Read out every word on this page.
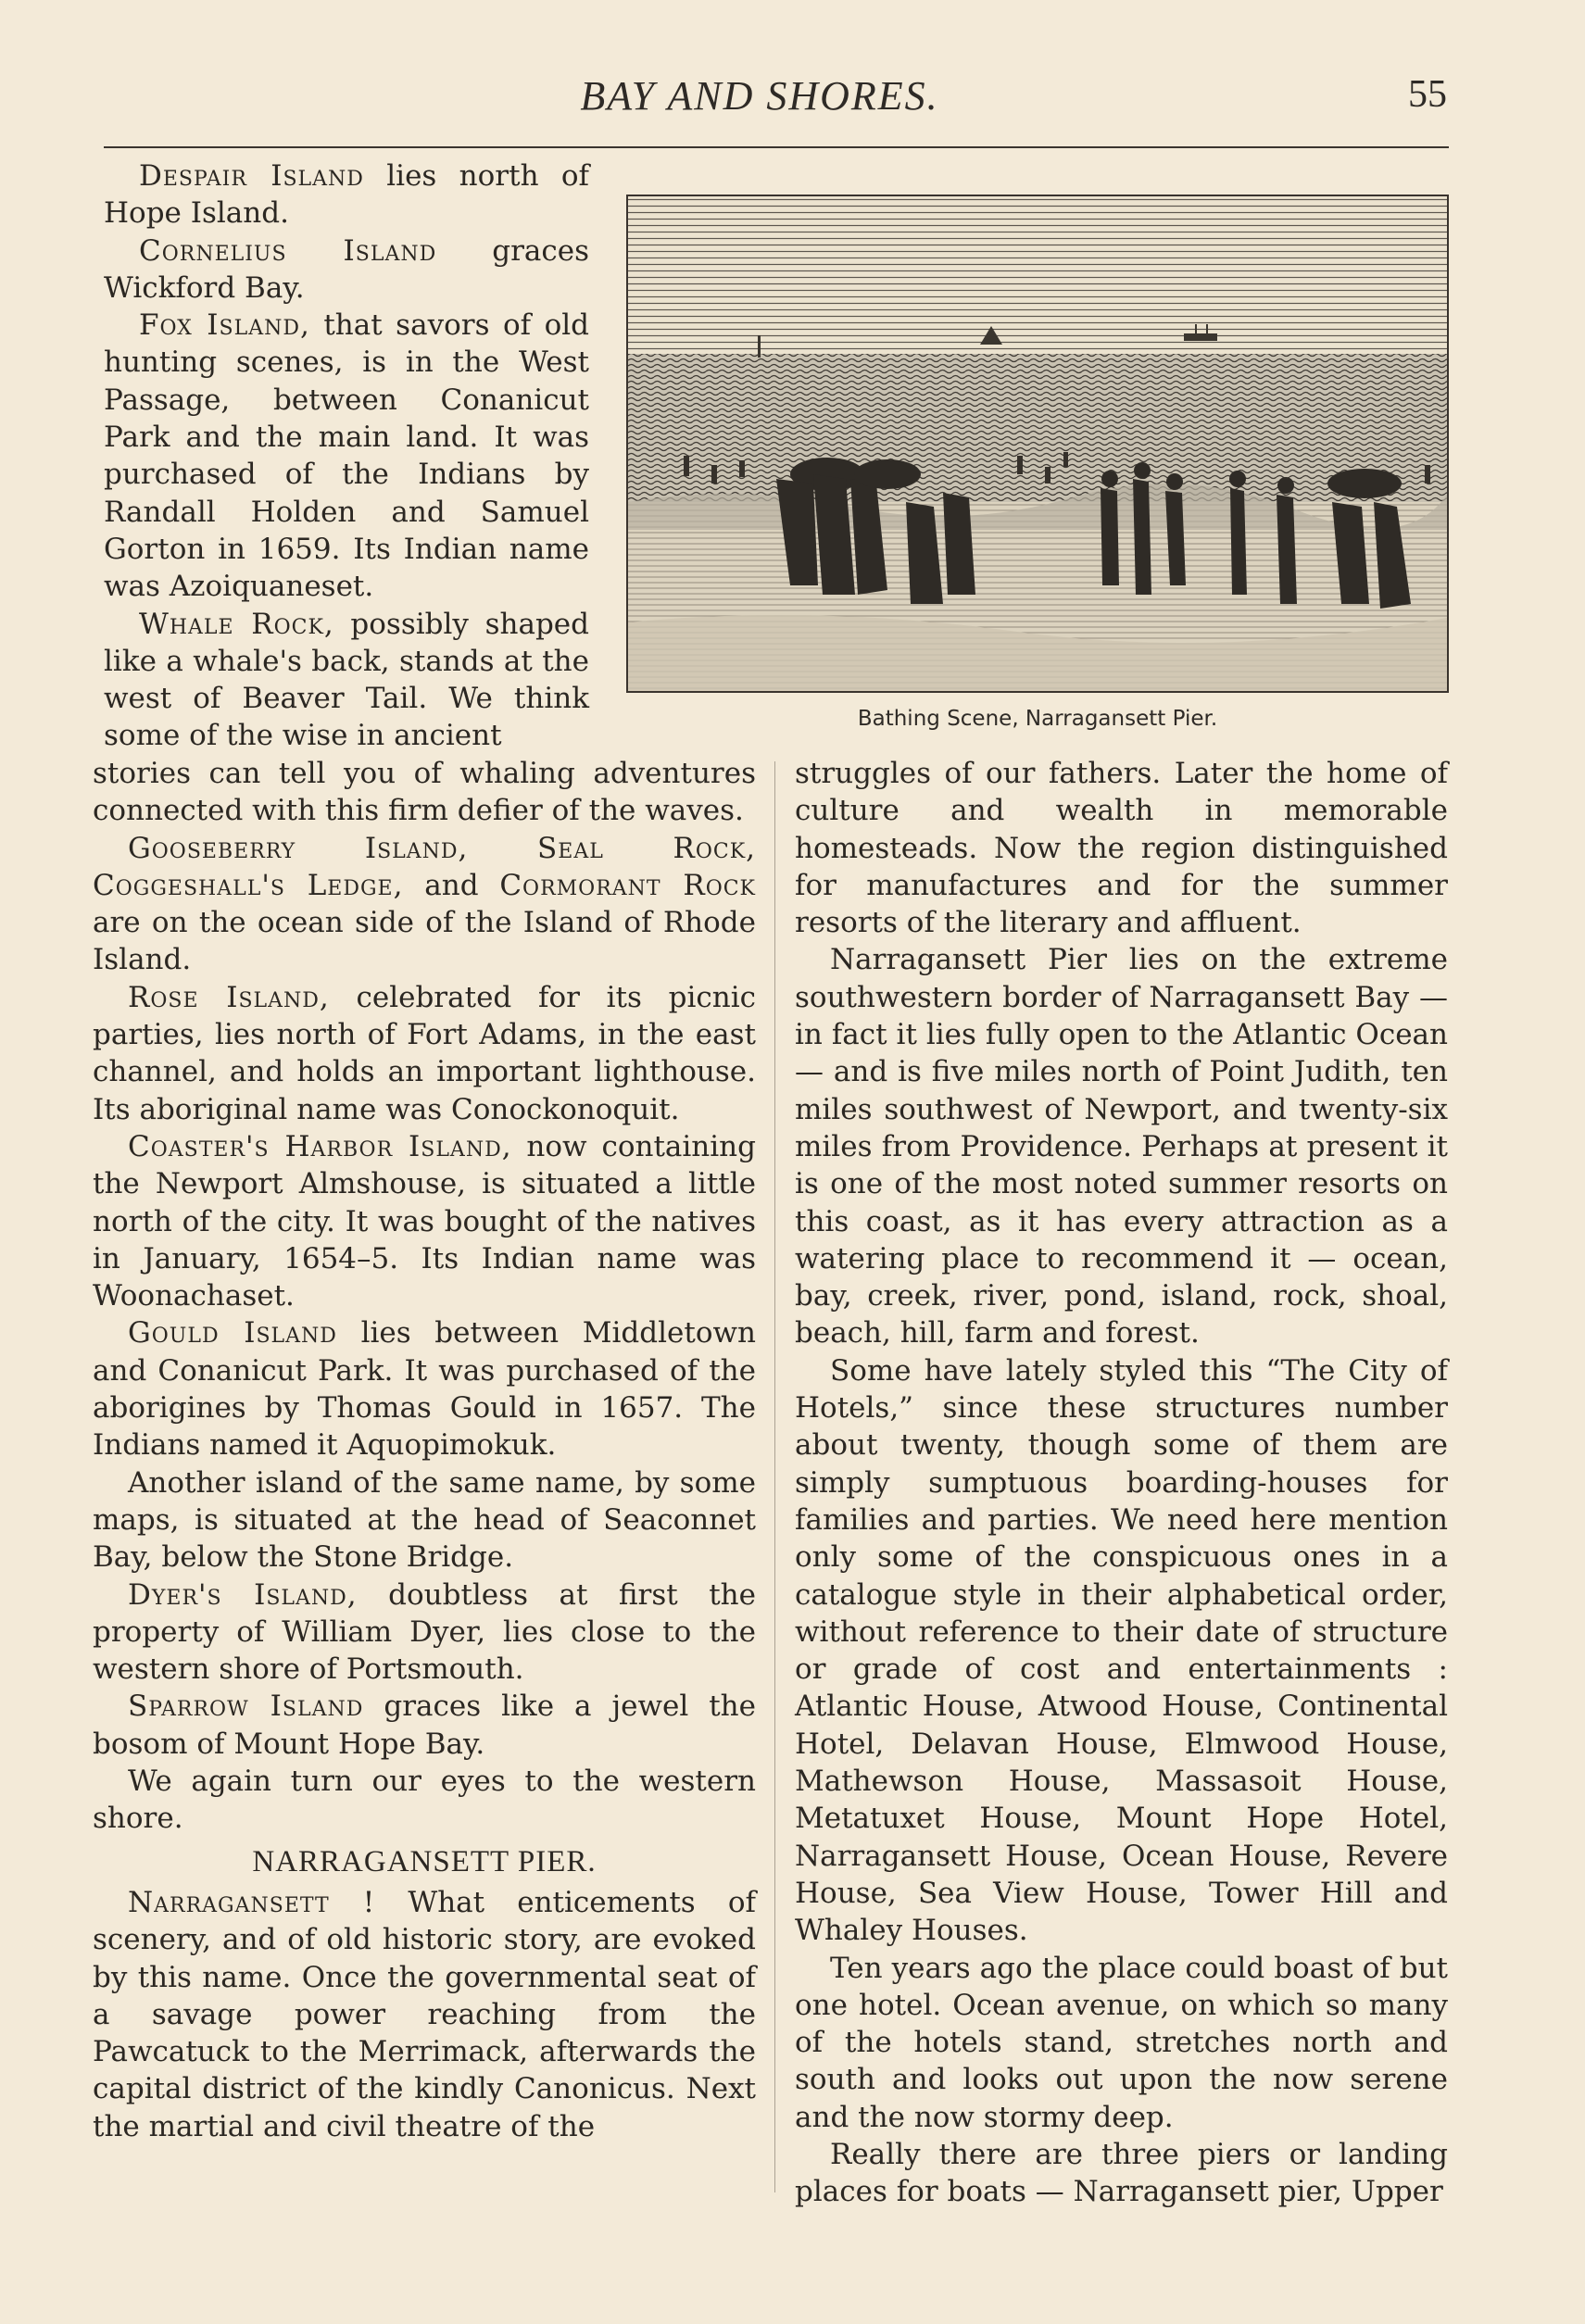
BAY AND SHORES.	55

Despair Island lies north of Hope Island.

Cornelius Island graces Wickford Bay.

Fox Island, that savors of old hunting scenes, is in the West Passage, between Conanicut Park and the main land. It was purchased of the Indians by Randall Holden and Samuel Gorton in 1659. Its Indian name was Azoiquaneset.

Whale Rock, possibly shaped like a whale's back, stands at the west of Beaver Tail. We think some of the wise in ancient

Bathing Scene, Narragansett Pier.

stories can tell you of whaling adventures connected with this firm defier of the waves.

Gooseberry Island, Seal Rock, Coggeshall's Ledge, and Cormorant Rock are on the ocean side of the Island of Rhode Island.

Rose Island, celebrated for its picnic parties, lies north of Fort Adams, in the east channel, and holds an important lighthouse. Its aboriginal name was Conockonoquit.

Coaster's Harbor Island, now containing the Newport Almshouse, is situated a little north of the city. It was bought of the natives in January, 1654–5. Its Indian name was Woonachaset.

Gould Island lies between Middletown and Conanicut Park. It was purchased of the aborigines by Thomas Gould in 1657. The Indians named it Aquopimokuk.

Another island of the same name, by some maps, is situated at the head of Seaconnet Bay, below the Stone Bridge.

Dyer's Island, doubtless at first the property of William Dyer, lies close to the western shore of Portsmouth.

Sparrow Island graces like a jewel the bosom of Mount Hope Bay.

We again turn our eyes to the western shore.

NARRAGANSETT PIER.

Narragansett ! What enticements of scenery, and of old historic story, are evoked by this name. Once the governmental seat of a savage power reaching from the Pawcatuck to the Merrimack, afterwards the capital district of the kindly Canonicus. Next the martial and civil theatre of the

struggles of our fathers. Later the home of culture and wealth in memorable homesteads. Now the region distinguished for manufactures and for the summer resorts of the literary and affluent.

Narragansett Pier lies on the extreme southwestern border of Narragansett Bay — in fact it lies fully open to the Atlantic Ocean — and is five miles north of Point Judith, ten miles southwest of Newport, and twenty-six miles from Providence. Perhaps at present it is one of the most noted summer resorts on this coast, as it has every attraction as a watering place to recommend it — ocean, bay, creek, river, pond, island, rock, shoal, beach, hill, farm and forest.

Some have lately styled this “The City of Hotels,” since these structures number about twenty, though some of them are simply sumptuous boarding-houses for families and parties. We need here mention only some of the conspicuous ones in a catalogue style in their alphabetical order, without reference to their date of structure or grade of cost and entertainments : Atlantic House, Atwood House, Continental Hotel, Delavan House, Elmwood House, Mathewson House, Massasoit House, Metatuxet House, Mount Hope Hotel, Narragansett House, Ocean House, Revere House, Sea View House, Tower Hill and Whaley Houses.

Ten years ago the place could boast of but one hotel. Ocean avenue, on which so many of the hotels stand, stretches north and south and looks out upon the now serene and the now stormy deep.

Really there are three piers or landing places for boats — Narragansett pier, Upper
